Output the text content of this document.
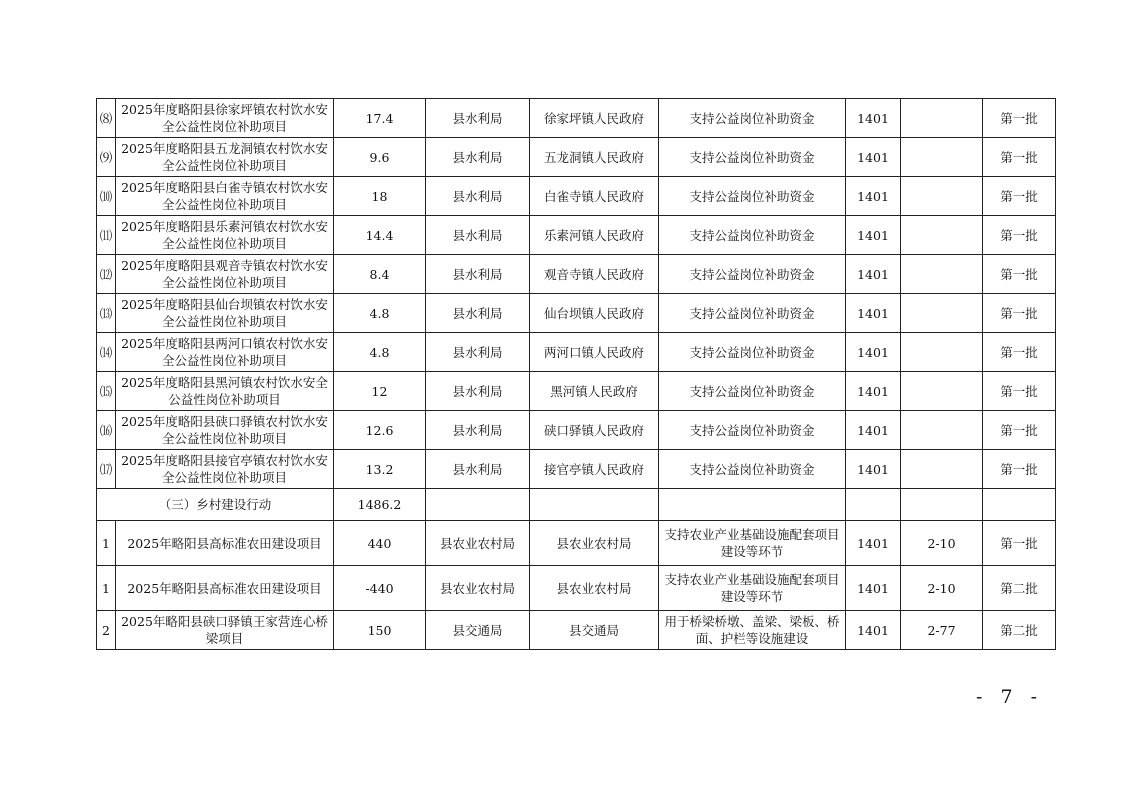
⑻	2025年度略阳县徐家坪镇农村饮水安全公益性岗位补助项目	17.4	县水利局	徐家坪镇人民政府	支持公益岗位补助资金	1401		第一批
⑼	2025年度略阳县五龙洞镇农村饮水安全公益性岗位补助项目	9.6	县水利局	五龙洞镇人民政府	支持公益岗位补助资金	1401		第一批
⑽	2025年度略阳县白雀寺镇农村饮水安全公益性岗位补助项目	18	县水利局	白雀寺镇人民政府	支持公益岗位补助资金	1401		第一批
⑾	2025年度略阳县乐素河镇农村饮水安全公益性岗位补助项目	14.4	县水利局	乐素河镇人民政府	支持公益岗位补助资金	1401		第一批
⑿	2025年度略阳县观音寺镇农村饮水安全公益性岗位补助项目	8.4	县水利局	观音寺镇人民政府	支持公益岗位补助资金	1401		第一批
⒀	2025年度略阳县仙台坝镇农村饮水安全公益性岗位补助项目	4.8	县水利局	仙台坝镇人民政府	支持公益岗位补助资金	1401		第一批
⒁	2025年度略阳县两河口镇农村饮水安全公益性岗位补助项目	4.8	县水利局	两河口镇人民政府	支持公益岗位补助资金	1401		第一批
⒂	2025年度略阳县黑河镇农村饮水安全公益性岗位补助项目	12	县水利局	黑河镇人民政府	支持公益岗位补助资金	1401		第一批
⒃	2025年度略阳县硖口驿镇农村饮水安全公益性岗位补助项目	12.6	县水利局	硖口驿镇人民政府	支持公益岗位补助资金	1401		第一批
⒄	2025年度略阳县接官亭镇农村饮水安全公益性岗位补助项目	13.2	县水利局	接官亭镇人民政府	支持公益岗位补助资金	1401		第一批
（三）乡村建设行动		1486.2						
1	2025年略阳县高标准农田建设项目	440	县农业农村局	县农业农村局	支持农业产业基础设施配套项目建设等环节	1401	2-10	第一批
1	2025年略阳县高标准农田建设项目	-440	县农业农村局	县农业农村局	支持农业产业基础设施配套项目建设等环节	1401	2-10	第二批
2	2025年略阳县硖口驿镇王家营连心桥梁项目	150	县交通局	县交通局	用于桥梁桥墩、盖梁、梁板、桥面、护栏等设施建设	1401	2-77	第二批
- 7 -
